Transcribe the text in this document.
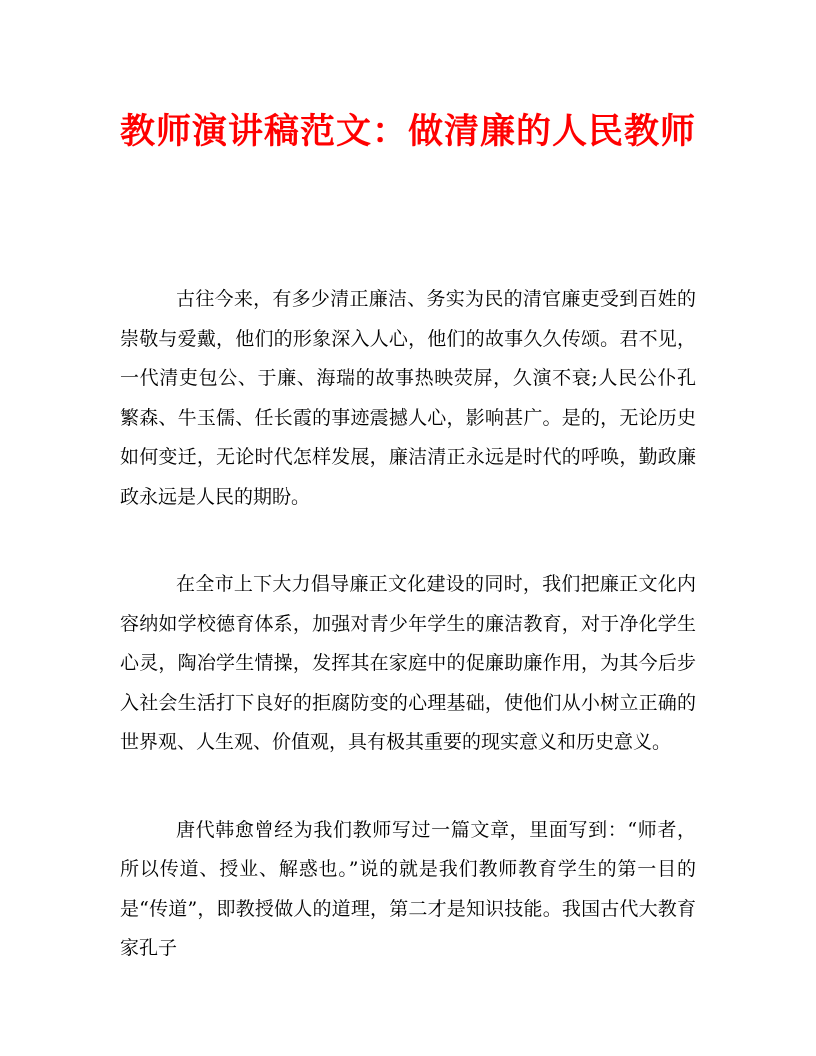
教师演讲稿范文：做清廉的人民教师

古往今来，有多少清正廉洁、务实为民的清官廉吏受到百姓的崇敬与爱戴，他们的形象深入人心，他们的故事久久传颂。君不见，一代清吏包公、于廉、海瑞的故事热映荧屏，久演不衰;人民公仆孔繁森、牛玉儒、任长霞的事迹震撼人心，影响甚广。是的，无论历史如何变迁，无论时代怎样发展，廉洁清正永远是时代的呼唤，勤政廉政永远是人民的期盼。

在全市上下大力倡导廉正文化建设的同时，我们把廉正文化内容纳如学校德育体系，加强对青少年学生的廉洁教育，对于净化学生心灵，陶冶学生情操，发挥其在家庭中的促廉助廉作用，为其今后步入社会生活打下良好的拒腐防变的心理基础，使他们从小树立正确的世界观、人生观、价值观，具有极其重要的现实意义和历史意义。

唐代韩愈曾经为我们教师写过一篇文章，里面写到：“师者，所以传道、授业、解惑也。”说的就是我们教师教育学生的第一目的是“传道”，即教授做人的道理，第二才是知识技能。我国古代大教育家孔子
